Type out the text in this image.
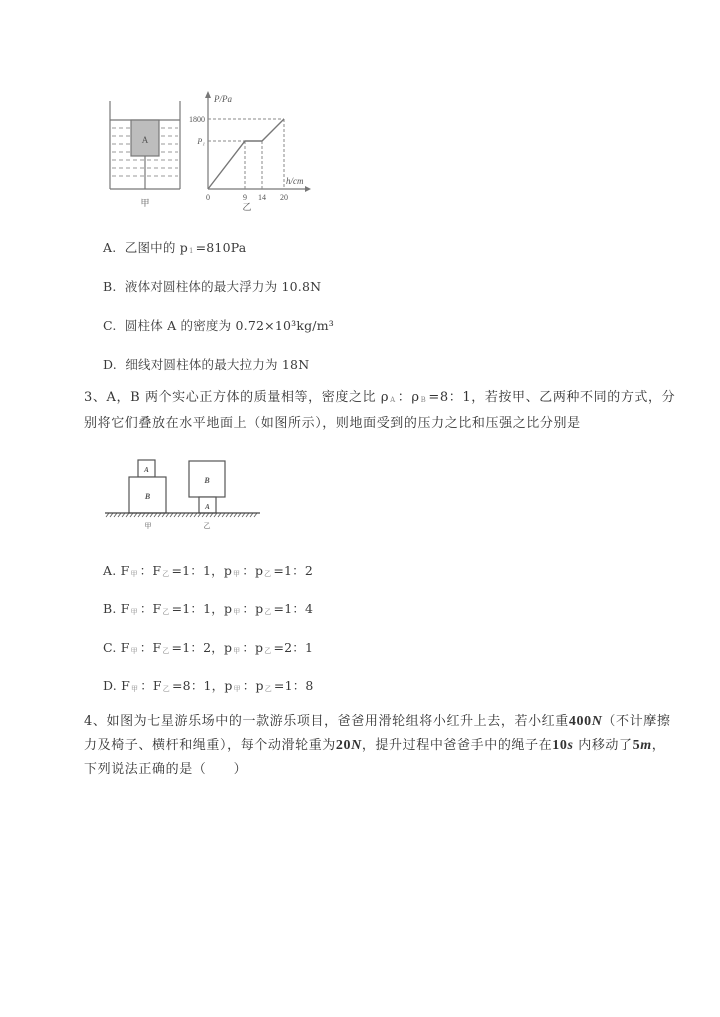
A
甲
P/Pa
h/cm
1800
P₁
0	9 14 20
乙
A. 乙图中的 p1 =810Pa
B. 液体对圆柱体的最大浮力为 10.8N
C. 圆柱体 A 的密度为 0.72×10³kg/m³
D. 细线对圆柱体的最大拉力为 18N
3、A，B 两个实心正方体的质量相等，密度之比 ρA ：ρB =8：1，若按甲、乙两种不同的方式，分别将它们叠放在水平地面上（如图所示），则地面受到的压力之比和压强之比分别是
A
B
B
A
甲	乙
A. F甲 ：F乙 =1：1，p甲 ：p乙 =1：2
B. F甲 ：F乙 =1：1，p甲 ：p乙 =1：4
C. F甲 ：F乙 =1：2，p甲 ：p乙 =2：1
D. F甲 ：F乙 =8：1，p甲 ：p乙 =1：8
4、如图为七星游乐场中的一款游乐项目，爸爸用滑轮组将小红升上去，若小红重400N（不计摩擦力及椅子、横杆和绳重），每个动滑轮重为20N，提升过程中爸爸手中的绳子在10s 内移动了5m，下列说法正确的是（　　）
